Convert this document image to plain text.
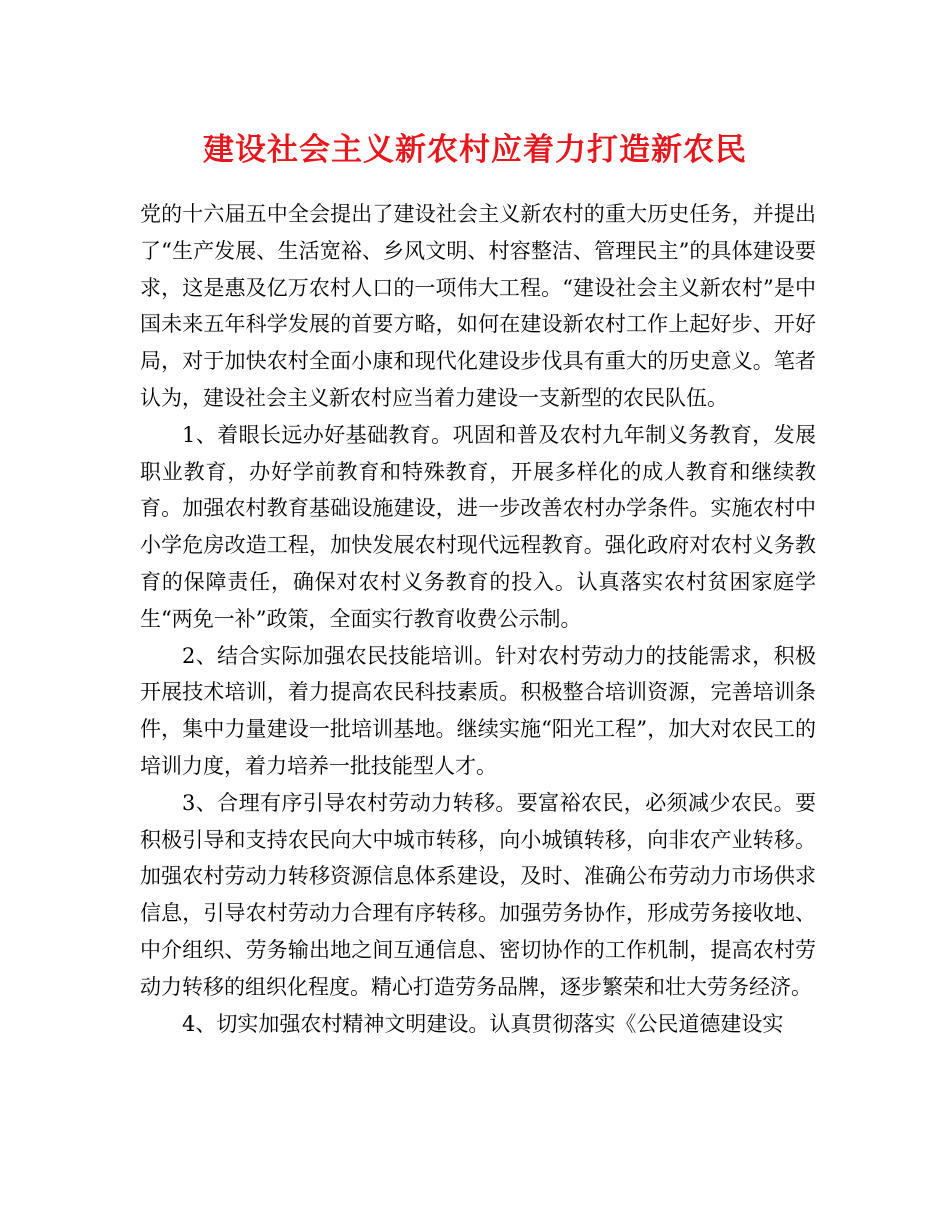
建设社会主义新农村应着力打造新农民

党的十六届五中全会提出了建设社会主义新农村的重大历史任务，并提出了“生产发展、生活宽裕、乡风文明、村容整洁、管理民主”的具体建设要求，这是惠及亿万农村人口的一项伟大工程。“建设社会主义新农村”是中国未来五年科学发展的首要方略，如何在建设新农村工作上起好步、开好局，对于加快农村全面小康和现代化建设步伐具有重大的历史意义。笔者认为，建设社会主义新农村应当着力建设一支新型的农民队伍。

1、着眼长远办好基础教育。巩固和普及农村九年制义务教育，发展职业教育，办好学前教育和特殊教育，开展多样化的成人教育和继续教育。加强农村教育基础设施建设，进一步改善农村办学条件。实施农村中小学危房改造工程，加快发展农村现代远程教育。强化政府对农村义务教育的保障责任，确保对农村义务教育的投入。认真落实农村贫困家庭学生“两免一补”政策，全面实行教育收费公示制。

2、结合实际加强农民技能培训。针对农村劳动力的技能需求，积极开展技术培训，着力提高农民科技素质。积极整合培训资源，完善培训条件，集中力量建设一批培训基地。继续实施“阳光工程”，加大对农民工的培训力度，着力培养一批技能型人才。

3、合理有序引导农村劳动力转移。要富裕农民，必须减少农民。要积极引导和支持农民向大中城市转移，向小城镇转移，向非农产业转移。加强农村劳动力转移资源信息体系建设，及时、准确公布劳动力市场供求信息，引导农村劳动力合理有序转移。加强劳务协作，形成劳务接收地、中介组织、劳务输出地之间互通信息、密切协作的工作机制，提高农村劳动力转移的组织化程度。精心打造劳务品牌，逐步繁荣和壮大劳务经济。

4、切实加强农村精神文明建设。认真贯彻落实《公民道德建设实
